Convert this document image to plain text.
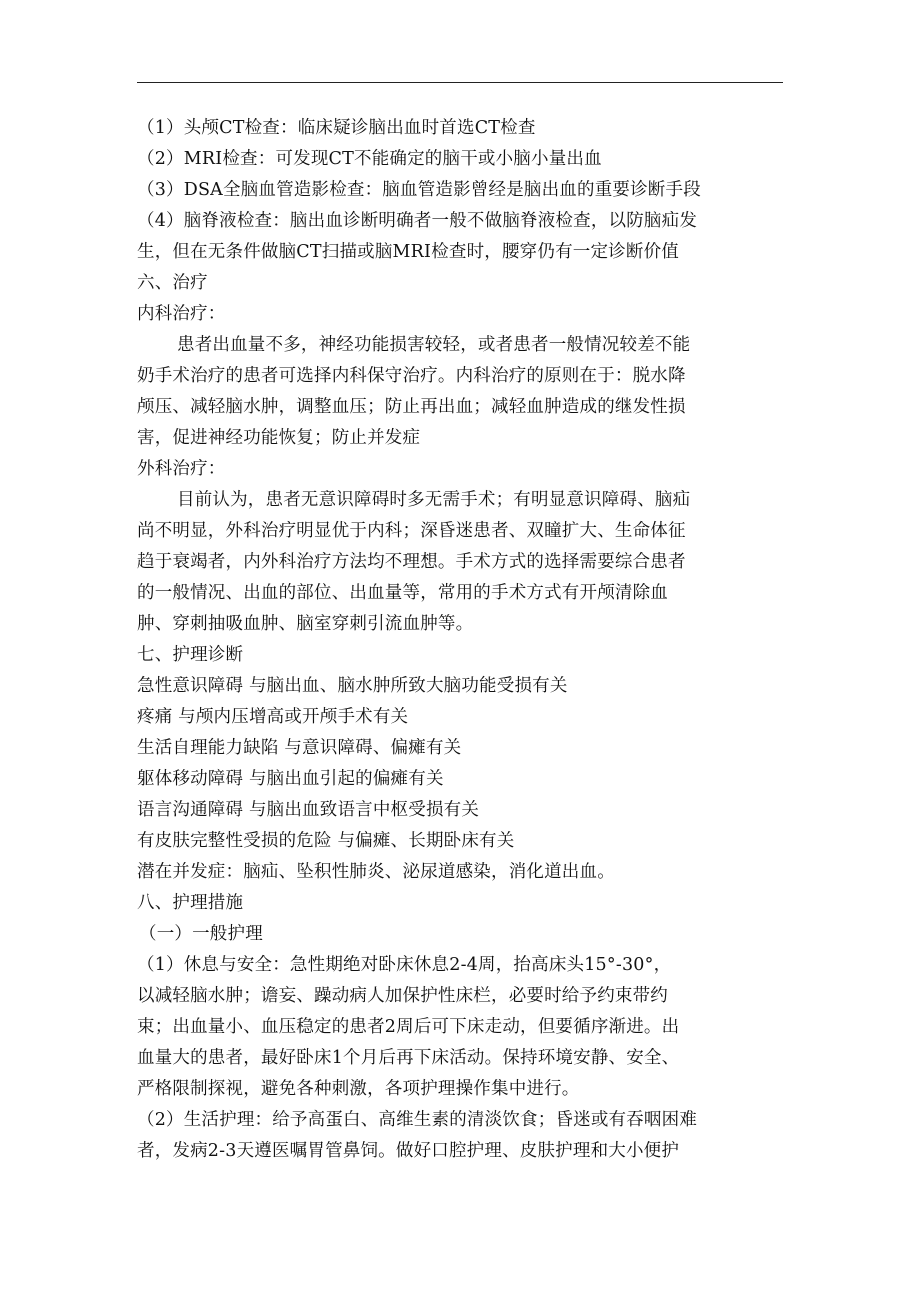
（1）头颅CT检查：临床疑诊脑出血时首选CT检查
（2）MRI检查：可发现CT不能确定的脑干或小脑小量出血
（3）DSA全脑血管造影检查：脑血管造影曾经是脑出血的重要诊断手段
（4）脑脊液检查：脑出血诊断明确者一般不做脑脊液检查，以防脑疝发
生，但在无条件做脑CT扫描或脑MRI检查时，腰穿仍有一定诊断价值
六、治疗
内科治疗：
患者出血量不多，神经功能损害较轻，或者患者一般情况较差不能
奶手术治疗的患者可选择内科保守治疗。内科治疗的原则在于：脱水降
颅压、减轻脑水肿，调整血压；防止再出血；减轻血肿造成的继发性损
害，促进神经功能恢复；防止并发症
外科治疗：
目前认为，患者无意识障碍时多无需手术；有明显意识障碍、脑疝
尚不明显，外科治疗明显优于内科；深昏迷患者、双瞳扩大、生命体征
趋于衰竭者，内外科治疗方法均不理想。手术方式的选择需要综合患者
的一般情况、出血的部位、出血量等，常用的手术方式有开颅清除血
肿、穿刺抽吸血肿、脑室穿刺引流血肿等。
七、护理诊断
急性意识障碍 与脑出血、脑水肿所致大脑功能受损有关
疼痛 与颅内压增高或开颅手术有关
生活自理能力缺陷 与意识障碍、偏瘫有关
躯体移动障碍 与脑出血引起的偏瘫有关
语言沟通障碍 与脑出血致语言中枢受损有关
有皮肤完整性受损的危险 与偏瘫、长期卧床有关
潜在并发症：脑疝、坠积性肺炎、泌尿道感染，消化道出血。
八、护理措施
（一）一般护理
（1）休息与安全：急性期绝对卧床休息2-4周，抬高床头15°-30°，
以减轻脑水肿；谵妄、躁动病人加保护性床栏，必要时给予约束带约
束；出血量小、血压稳定的患者2周后可下床走动，但要循序渐进。出
血量大的患者，最好卧床1个月后再下床活动。保持环境安静、安全、
严格限制探视，避免各种刺激，各项护理操作集中进行。
（2）生活护理：给予高蛋白、高维生素的清淡饮食；昏迷或有吞咽困难
者，发病2-3天遵医嘱胃管鼻饲。做好口腔护理、皮肤护理和大小便护
